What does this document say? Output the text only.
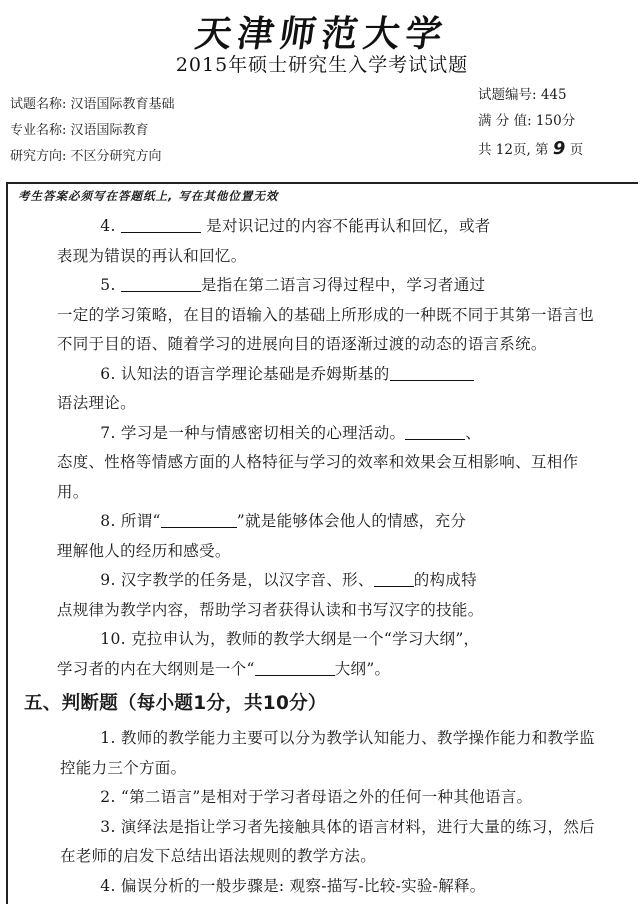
天津师范大学
2015年硕士研究生入学考试试题
试题名称: 汉语国际教育基础
专业名称: 汉语国际教育
研究方向: 不区分研究方向
试题编号: 445
满 分 值: 150分
共 12页, 第 9 页
考生答案必须写在答题纸上, 写在其他位置无效

4.	是对识记过的内容不能再认和回忆，或者
表现为错误的再认和回忆。

5.	是指在第二语言习得过程中，学习者通过
一定的学习策略，在目的语输入的基础上所形成的一种既不同于其第一语言也不同于目的语、随着学习的进展向目的语逐渐过渡的动态的语言系统。

6. 认知法的语言学理论基础是乔姆斯基的
语法理论。

7. 学习是一种与情感密切相关的心理活动。	、
态度、性格等情感方面的人格特征与学习的效率和效果会互相影响、互相作用。

8. 所谓“	”就是能够体会他人的情感，充分
理解他人的经历和感受。

9. 汉字教学的任务是，以汉字音、形、	的构成特
点规律为教学内容，帮助学习者获得认读和书写汉字的技能。

10. 克拉申认为，教师的教学大纲是一个“学习大纲”，
学习者的内在大纲则是一个“	大纲”。

五、判断题（每小题1分，共10分）

1. 教师的教学能力主要可以分为教学认知能力、教学操作能力和教学监控能力三个方面。

2. “第二语言”是相对于学习者母语之外的任何一种其他语言。

3. 演绎法是指让学习者先接触具体的语言材料，进行大量的练习，然后在老师的启发下总结出语法规则的教学方法。

4. 偏误分析的一般步骤是: 观察-描写-比较-实验-解释。
